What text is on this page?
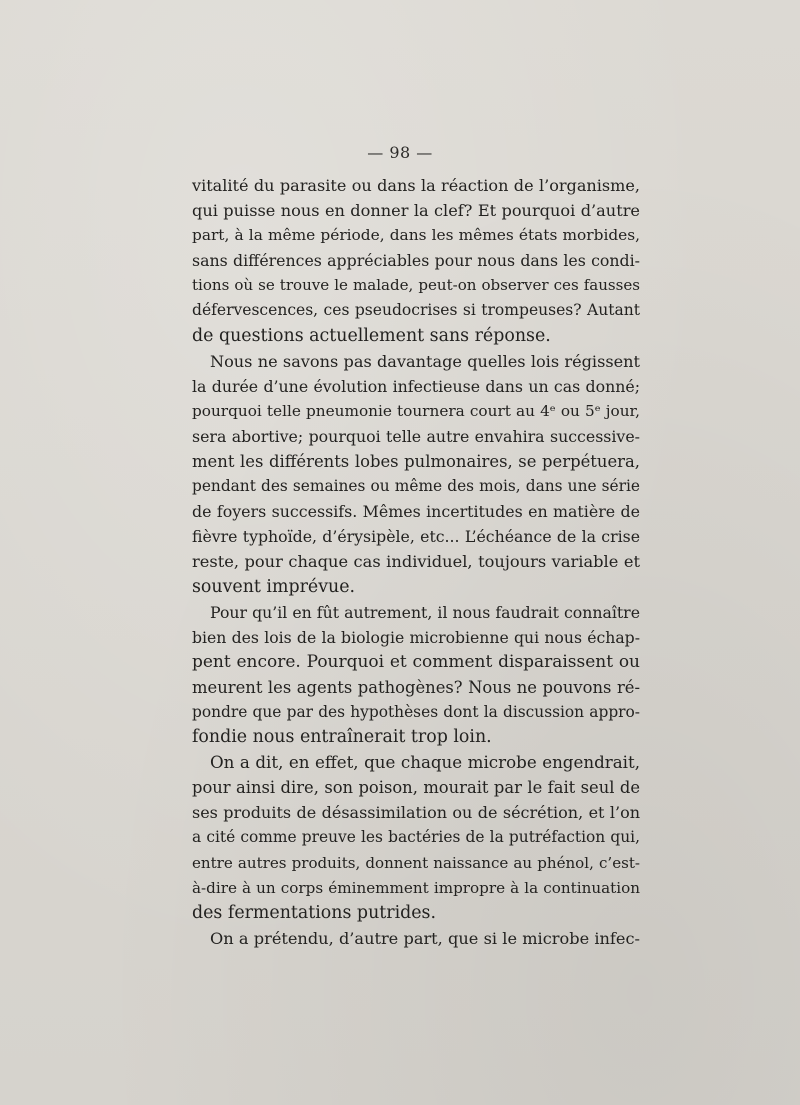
— 98 —
vitalité du parasite ou dans la réaction de l’organisme,
qui puisse nous en donner la clef? Et pourquoi d’autre
part, à la même période, dans les mêmes états morbides,
sans différences appréciables pour nous dans les condi-
tions où se trouve le malade, peut-on observer ces fausses
défervescences, ces pseudocrises si trompeuses? Autant
de questions actuellement sans réponse.
Nous ne savons pas davantage quelles lois régissent
la durée d’une évolution infectieuse dans un cas donné;
pourquoi telle pneumonie tournera court au 4ᵉ ou 5ᵉ jour,
sera abortive; pourquoi telle autre envahira successive-
ment les différents lobes pulmonaires, se perpétuera,
pendant des semaines ou même des mois, dans une série
de foyers successifs. Mêmes incertitudes en matière de
fièvre typhoïde, d’érysipèle, etc... L’échéance de la crise
reste, pour chaque cas individuel, toujours variable et
souvent imprévue.
Pour qu’il en fût autrement, il nous faudrait connaître
bien des lois de la biologie microbienne qui nous échap-
pent encore. Pourquoi et comment disparaissent ou
meurent les agents pathogènes? Nous ne pouvons ré-
pondre que par des hypothèses dont la discussion appro-
fondie nous entraînerait trop loin.
On a dit, en effet, que chaque microbe engendrait,
pour ainsi dire, son poison, mourait par le fait seul de
ses produits de désassimilation ou de sécrétion, et l’on
a cité comme preuve les bactéries de la putréfaction qui,
entre autres produits, donnent naissance au phénol, c’est-
à-dire à un corps éminemment impropre à la continuation
des fermentations putrides.
On a prétendu, d’autre part, que si le microbe infec-
